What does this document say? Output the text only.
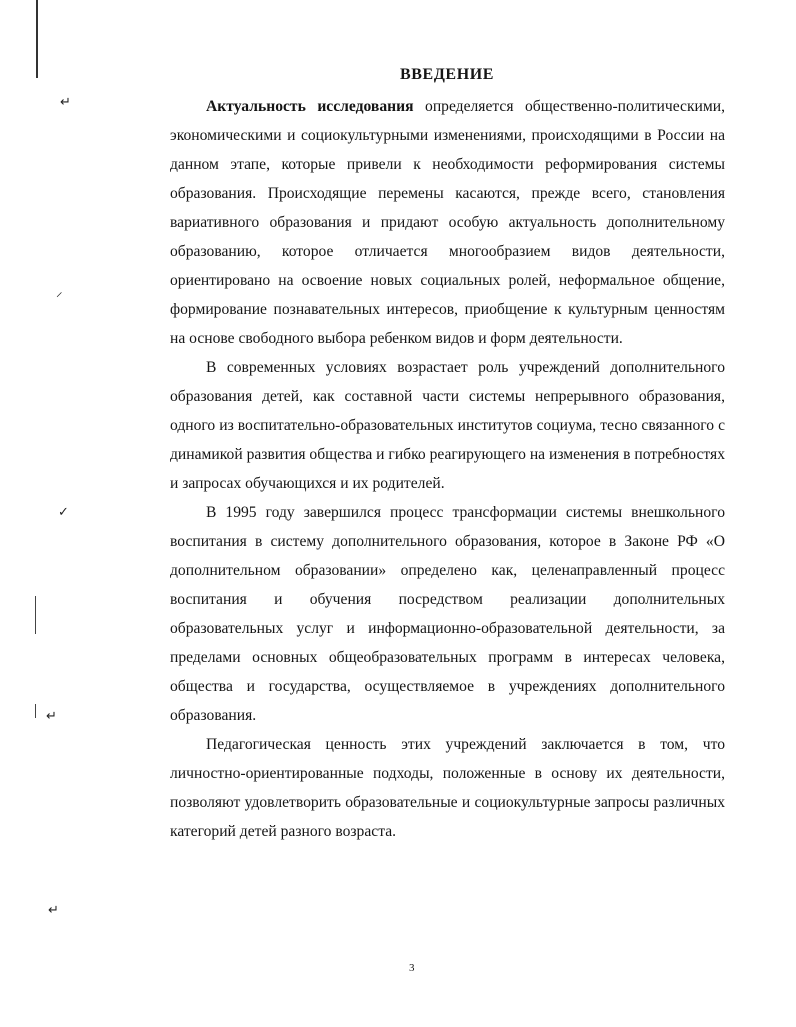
↵
⸝
✓
↵
↵
ВВЕДЕНИЕ

Актуальность исследования определяется общественно-политическими, экономическими и социокультурными изменениями, происходящими в России на данном этапе, которые привели к необходимости реформирования системы образования. Происходящие перемены касаются, прежде всего, становления вариативного образования и придают особую актуальность дополнительному образованию, которое отличается многообразием видов деятельности, ориентировано на освоение новых социальных ролей, неформальное общение, формирование познавательных интересов, приобщение к культурным ценностям на основе свободного выбора ребенком видов и форм деятельности.

В современных условиях возрастает роль учреждений дополнительного образования детей, как составной части системы непрерывного образования, одного из воспитательно-образовательных институтов социума, тесно связанного с динамикой развития общества и гибко реагирующего на изменения в потребностях и запросах обучающихся и их родителей.

В 1995 году завершился процесс трансформации системы внешкольного воспитания в систему дополнительного образования, которое в Законе РФ «О дополнительном образовании» определено как, целенаправленный процесс воспитания и обучения посредством реализации дополнительных образовательных услуг и информационно-образовательной деятельности, за пределами основных общеобразовательных программ в интересах человека, общества и государства, осуществляемое в учреждениях дополнительного образования.

Педагогическая ценность этих учреждений заключается в том, что личностно-ориентированные подходы, положенные в основу их деятельности, позволяют удовлетворить образовательные и социокультурные запросы различных категорий детей разного возраста.

3
